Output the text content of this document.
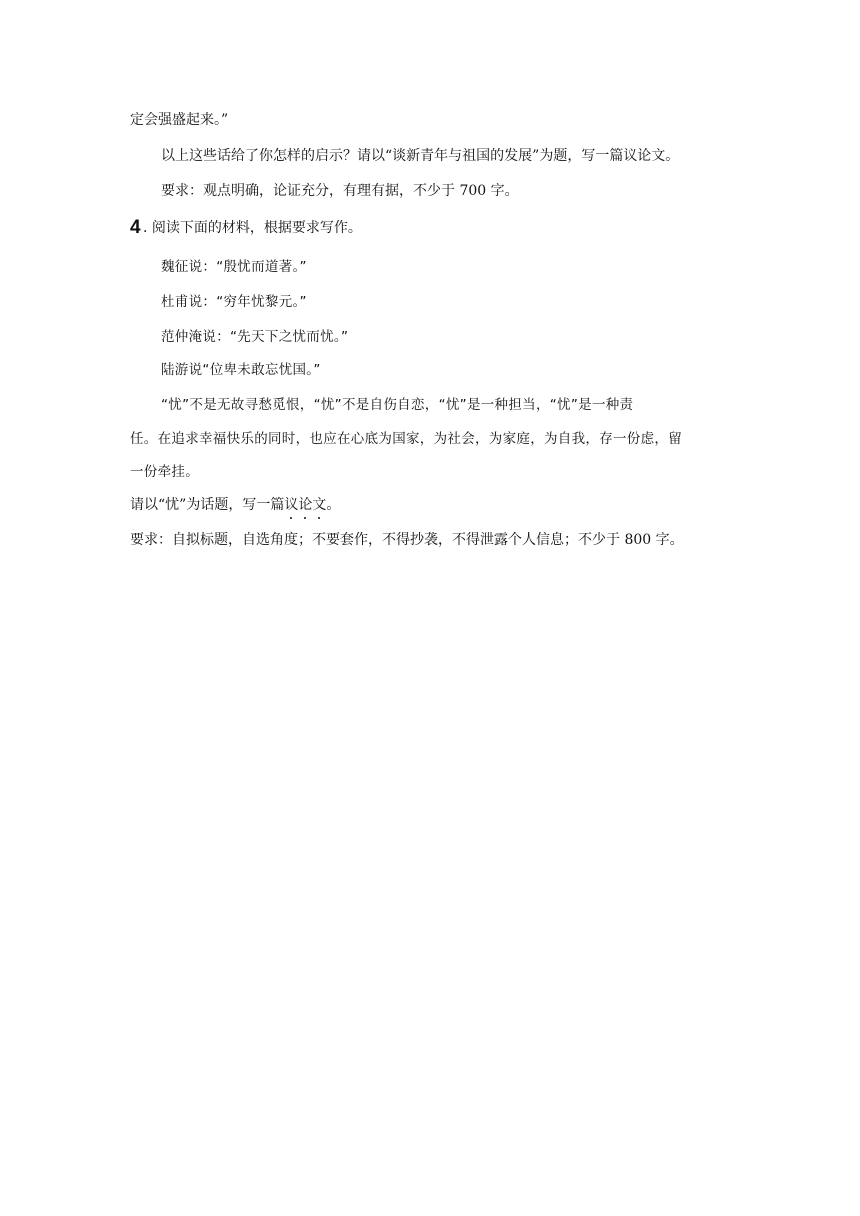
定会强盛起来。”
以上这些话给了你怎样的启示？请以“谈新青年与祖国的发展”为题，写一篇议论文。
要求：观点明确，论证充分，有理有据，不少于 700 字。
4 . 阅读下面的材料，根据要求写作。
魏征说：“殷忧而道著。”
杜甫说：“穷年忧黎元。”
范仲淹说：“先天下之忧而忧。”
陆游说“位卑未敢忘忧国。”
“忧”不是无故寻愁觅恨，“忧”不是自伤自恋，“忧”是一种担当，“忧”是一种责
任。在追求幸福快乐的同时，也应在心底为国家，为社会，为家庭，为自我，存一份虑，留
一份牵挂。
请以“忧”为话题，写一篇议论文。
要求：自拟标题，自选角度；不要套作，不得抄袭，不得泄露个人信息；不少于 800 字。
